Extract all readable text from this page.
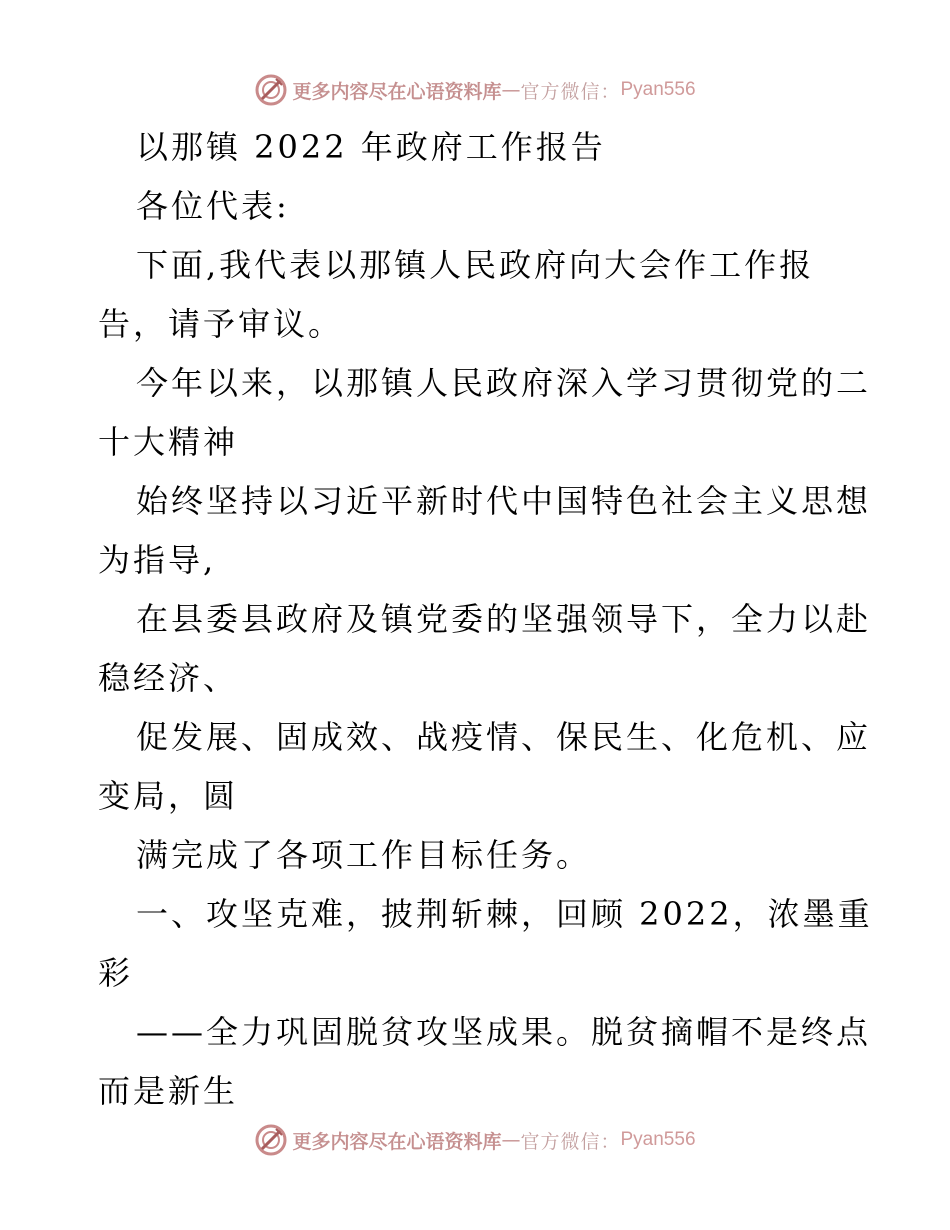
更多内容尽在心语资料库 — 官方微信： Pyan556

以那镇 2022 年政府工作报告

各位代表:

下面,我代表以那镇人民政府向大会作工作报

告，请予审议。

今年以来，以那镇人民政府深入学习贯彻党的二

十大精神

始终坚持以习近平新时代中国特色社会主义思想

为指导,

在县委县政府及镇党委的坚强领导下，全力以赴

稳经济、

促发展、固成效、战疫情、保民生、化危机、应

变局，圆

满完成了各项工作目标任务。

一、攻坚克难，披荆斩棘，回顾 2022，浓墨重

彩

——全力巩固脱贫攻坚成果。脱贫摘帽不是终点

而是新生

更多内容尽在心语资料库 — 官方微信： Pyan556
